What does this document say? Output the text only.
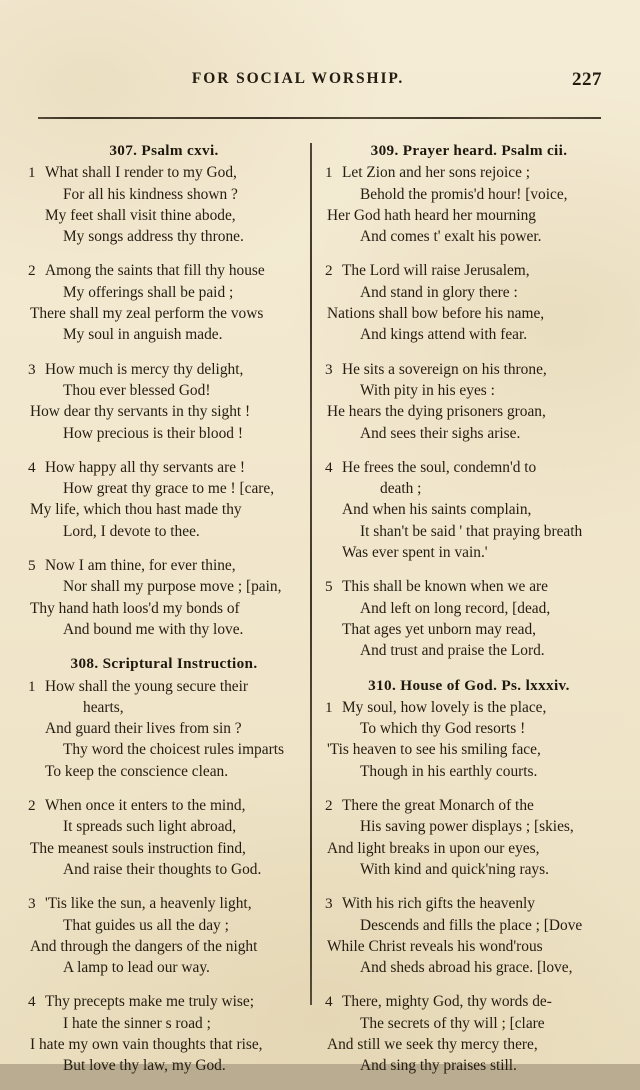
FOR SOCIAL WORSHIP.	227
307. Psalm cxvi.
1 What shall I render to my God,
For all his kindness shown ?
My feet shall visit thine abode,
My songs address thy throne.
2 Among the saints that fill thy house
My offerings shall be paid ;
There shall my zeal perform the vows
My soul in anguish made.
3 How much is mercy thy delight,
Thou ever blessed God!
How dear thy servants in thy sight !
How precious is their blood !
4 How happy all thy servants are !
How great thy grace to me ! [care,
My life, which thou hast made thy
Lord, I devote to thee.
5 Now I am thine, for ever thine,
Nor shall my purpose move ; [pain,
Thy hand hath loos'd my bonds of
And bound me with thy love.
308. Scriptural Instruction.
1 How shall the young secure their
hearts,
And guard their lives from sin ?
Thy word the choicest rules imparts
To keep the conscience clean.
2 When once it enters to the mind,
It spreads such light abroad,
The meanest souls instruction find,
And raise their thoughts to God.
3 'Tis like the sun, a heavenly light,
That guides us all the day ;
And through the dangers of the night
A lamp to lead our way.
4 Thy precepts make me truly wise;
I hate the sinner s road ;
I hate my own vain thoughts that rise,
But love thy law, my God.
309. Prayer heard. Psalm cii.
1 Let Zion and her sons rejoice ;
Behold the promis'd hour! [voice,
Her God hath heard her mourning
And comes t' exalt his power.
2 The Lord will raise Jerusalem,
And stand in glory there :
Nations shall bow before his name,
And kings attend with fear.
3 He sits a sovereign on his throne,
With pity in his eyes :
He hears the dying prisoners groan,
And sees their sighs arise.
4 He frees the soul, condemn'd to
death ;
And when his saints complain,
It shan't be said ' that praying breath
Was ever spent in vain.'
5 This shall be known when we are
And left on long record, [dead,
That ages yet unborn may read,
And trust and praise the Lord.
310. House of God. Ps. lxxxiv.
1 My soul, how lovely is the place,
To which thy God resorts !
'Tis heaven to see his smiling face,
Though in his earthly courts.
2 There the great Monarch of the
His saving power displays ; [skies,
And light breaks in upon our eyes,
With kind and quick'ning rays.
3 With his rich gifts the heavenly
Descends and fills the place ; [Dove
While Christ reveals his wond'rous
And sheds abroad his grace. [love,
4 There, mighty God, thy words de-
The secrets of thy will ; [clare
And still we seek thy mercy there,
And sing thy praises still.
